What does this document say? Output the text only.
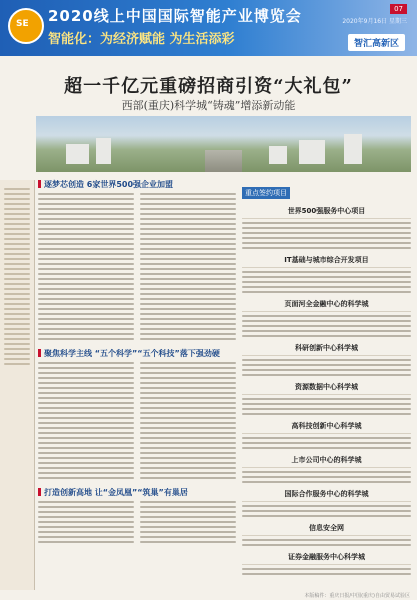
SE 2020线上中国国际智能产业博览会
智能化：为经济赋能 为生活添彩
07
2020年9月16日 星期三
智汇高新区
超一千亿元重磅招商引资“大礼包”
西部(重庆)科学城“铸魂”增添新动能
逐梦芯创造 6家世界500强企业加盟
聚焦科学主线 “五个科学”“五个科技”落下强劲硬
打造创新高地 让“金凤凰”“筑巢”有巢居
重点签约项目
世界500强服务中心项目
IT基础与城市综合开发项目
页面河全金融中心的科学城
科研创新中心科学城
资源数据中心科学城
高科技创新中心科学城
上市公司中心的科学城
国际合作服务中心的科学城
信息安全网
证券金融服务中心科学城
本版稿件：重庆日报/中国(重庆)自由贸易试验区
